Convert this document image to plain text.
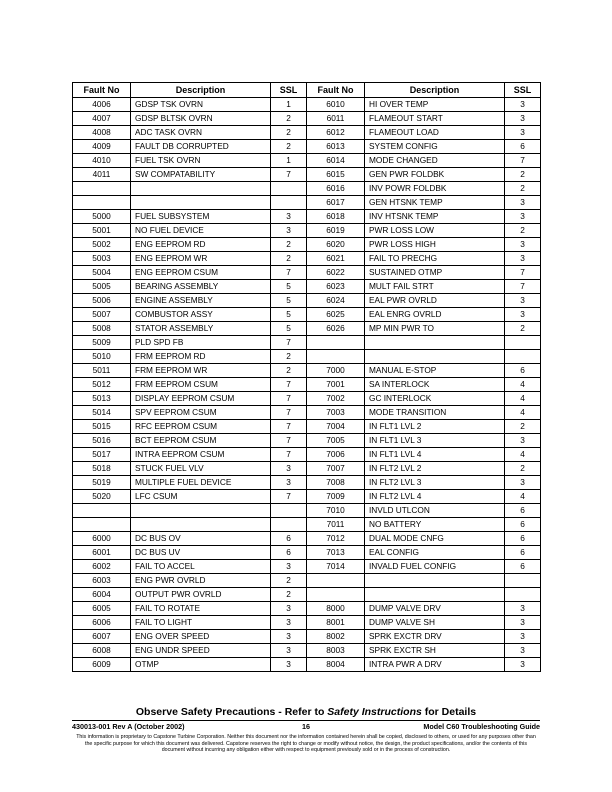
Fault No	Description	SSL	Fault No	Description	SSL
4006	GDSP TSK OVRN	1	6010	HI OVER TEMP	3
4007	GDSP BLTSK OVRN	2	6011	FLAMEOUT START	3
4008	ADC TASK OVRN	2	6012	FLAMEOUT LOAD	3
4009	FAULT DB CORRUPTED	2	6013	SYSTEM CONFIG	6
4010	FUEL TSK OVRN	1	6014	MODE CHANGED	7
4011	SW COMPATABILITY	7	6015	GEN PWR FOLDBK	2
			6016	INV POWR FOLDBK	2
			6017	GEN HTSNK TEMP	3
5000	FUEL SUBSYSTEM	3	6018	INV HTSNK TEMP	3
5001	NO FUEL DEVICE	3	6019	PWR LOSS LOW	2
5002	ENG EEPROM RD	2	6020	PWR LOSS HIGH	3
5003	ENG EEPROM WR	2	6021	FAIL TO PRECHG	3
5004	ENG EEPROM CSUM	7	6022	SUSTAINED OTMP	7
5005	BEARING ASSEMBLY	5	6023	MULT FAIL STRT	7
5006	ENGINE ASSEMBLY	5	6024	EAL PWR OVRLD	3
5007	COMBUSTOR ASSY	5	6025	EAL ENRG OVRLD	3
5008	STATOR ASSEMBLY	5	6026	MP MIN PWR TO	2
5009	PLD SPD FB	7			
5010	FRM EEPROM RD	2			
5011	FRM EEPROM WR	2	7000	MANUAL E-STOP	6
5012	FRM EEPROM CSUM	7	7001	SA INTERLOCK	4
5013	DISPLAY EEPROM CSUM	7	7002	GC INTERLOCK	4
5014	SPV EEPROM CSUM	7	7003	MODE TRANSITION	4
5015	RFC EEPROM CSUM	7	7004	IN FLT1 LVL 2	2
5016	BCT EEPROM CSUM	7	7005	IN FLT1 LVL 3	3
5017	INTRA EEPROM CSUM	7	7006	IN FLT1 LVL 4	4
5018	STUCK FUEL VLV	3	7007	IN FLT2 LVL 2	2
5019	MULTIPLE FUEL DEVICE	3	7008	IN FLT2 LVL 3	3
5020	LFC CSUM	7	7009	IN FLT2 LVL 4	4
			7010	INVLD UTLCON	6
			7011	NO BATTERY	6
6000	DC BUS OV	6	7012	DUAL MODE CNFG	6
6001	DC BUS UV	6	7013	EAL CONFIG	6
6002	FAIL TO ACCEL	3	7014	INVALD FUEL CONFIG	6
6003	ENG PWR OVRLD	2			
6004	OUTPUT PWR OVRLD	2			
6005	FAIL TO ROTATE	3	8000	DUMP VALVE DRV	3
6006	FAIL TO LIGHT	3	8001	DUMP VALVE SH	3
6007	ENG OVER SPEED	3	8002	SPRK EXCTR DRV	3
6008	ENG UNDR SPEED	3	8003	SPRK EXCTR SH	3
6009	OTMP	3	8004	INTRA PWR A DRV	3
Observe Safety Precautions - Refer to Safety Instructions for Details
430013-001 Rev A (October 2002)	16	Model C60 Troubleshooting Guide
This information is proprietary to Capstone Turbine Corporation. Neither this document nor the information contained herein shall be copied, disclosed to others, or used for any purposes other than the specific purpose for which this document was delivered. Capstone reserves the right to change or modify without notice, the design, the product specifications, and/or the contents of this document without incurring any obligation either with respect to equipment previously sold or in the process of construction.
